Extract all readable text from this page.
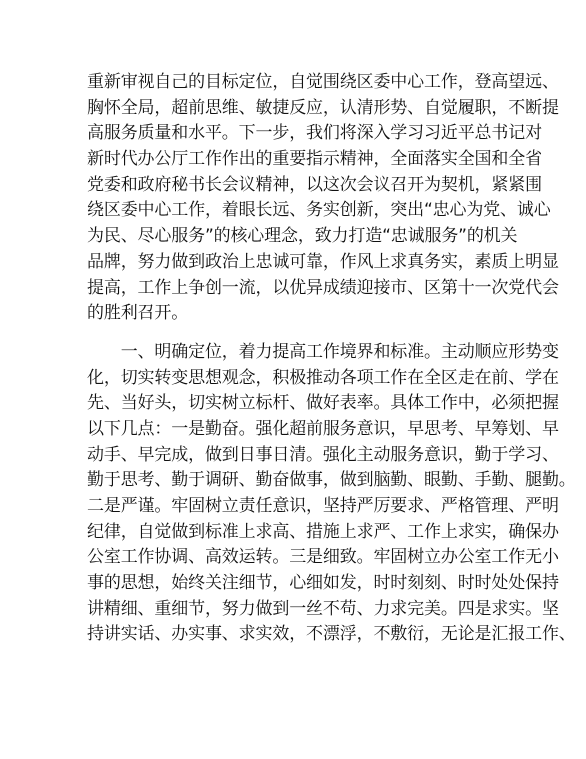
重新审视自己的目标定位，自觉围绕区委中心工作，登高望远、
胸怀全局，超前思维、敏捷反应，认清形势、自觉履职，不断提
高服务质量和水平。下一步，我们将深入学习习近平总书记对
新时代办公厅工作作出的重要指示精神，全面落实全国和全省
党委和政府秘书长会议精神，以这次会议召开为契机，紧紧围
绕区委中心工作，着眼长远、务实创新，突出“忠心为党、诚心
为民、尽心服务”的核心理念，致力打造“忠诚服务”的机关
品牌，努力做到政治上忠诚可靠，作风上求真务实，素质上明显
提高，工作上争创一流，以优异成绩迎接市、区第十一次党代会
的胜利召开。
　　一、明确定位，着力提高工作境界和标准。主动顺应形势变
化，切实转变思想观念，积极推动各项工作在全区走在前、学在
先、当好头，切实树立标杆、做好表率。具体工作中，必须把握
以下几点：一是勤奋。强化超前服务意识，早思考、早筹划、早
动手、早完成，做到日事日清。强化主动服务意识，勤于学习、
勤于思考、勤于调研、勤奋做事，做到脑勤、眼勤、手勤、腿勤。
二是严谨。牢固树立责任意识，坚持严厉要求、严格管理、严明
纪律，自觉做到标准上求高、措施上求严、工作上求实，确保办
公室工作协调、高效运转。三是细致。牢固树立办公室工作无小
事的思想，始终关注细节，心细如发，时时刻刻、时时处处保持
讲精细、重细节，努力做到一丝不苟、力求完美。四是求实。坚
持讲实话、办实事、求实效，不漂浮，不敷衍，无论是汇报工作、
